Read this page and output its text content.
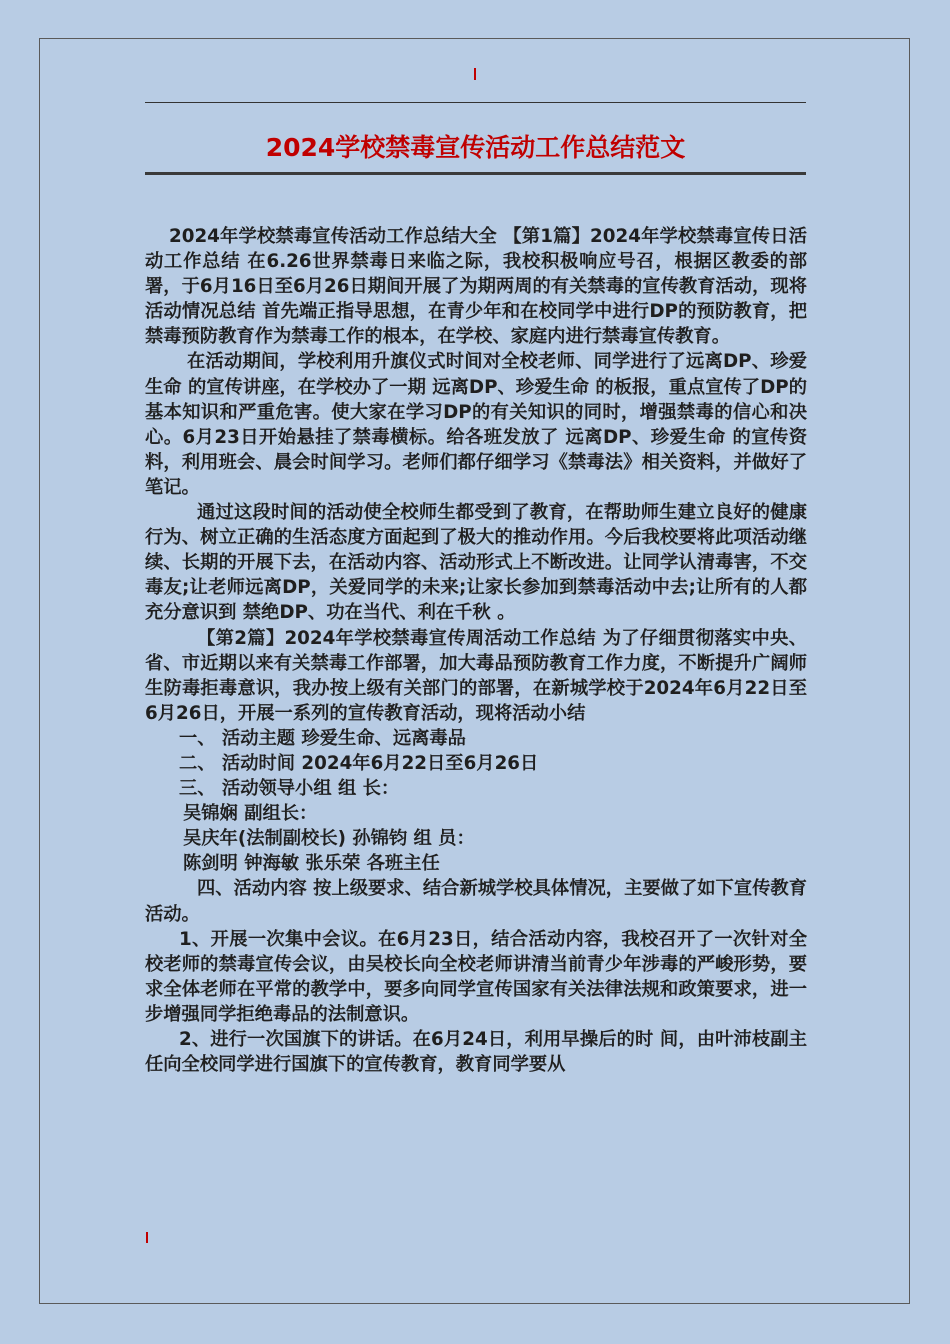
2024学校禁毒宣传活动工作总结范文

2024年学校禁毒宣传活动工作总结大全 【第1篇】2024年学校禁毒宣传日活动工作总结 在6.26世界禁毒日来临之际，我校积极响应号召，根据区教委的部署，于6月16日至6月26日期间开展了为期两周的有关禁毒的宣传教育活动，现将活动情况总结 首先端正指导思想，在青少年和在校同学中进行DP的预防教育，把禁毒预防教育作为禁毒工作的根本，在学校、家庭内进行禁毒宣传教育。

在活动期间，学校利用升旗仪式时间对全校老师、同学进行了远离DP、珍爱生命 的宣传讲座，在学校办了一期 远离DP、珍爱生命 的板报，重点宣传了DP的基本知识和严重危害。使大家在学习DP的有关知识的同时，增强禁毒的信心和决心。6月23日开始悬挂了禁毒横标。给各班发放了 远离DP、珍爱生命 的宣传资料，利用班会、晨会时间学习。老师们都仔细学习《禁毒法》相关资料，并做好了笔记。

通过这段时间的活动使全校师生都受到了教育，在帮助师生建立良好的健康行为、树立正确的生活态度方面起到了极大的推动作用。今后我校要将此项活动继续、长期的开展下去，在活动内容、活动形式上不断改进。让同学认清毒害，不交毒友;让老师远离DP，关爱同学的未来;让家长参加到禁毒活动中去;让所有的人都充分意识到 禁绝DP、功在当代、利在千秋 。

【第2篇】2024年学校禁毒宣传周活动工作总结 为了仔细贯彻落实中央、省、市近期以来有关禁毒工作部署，加大毒品预防教育工作力度，不断提升广阔师生防毒拒毒意识，我办按上级有关部门的部署，在新城学校于2024年6月22日至6月26日，开展一系列的宣传教育活动，现将活动小结

一、 活动主题 珍爱生命、远离毒品

二、 活动时间 2024年6月22日至6月26日

三、 活动领导小组 组 长：

吴锦娴 副组长：

吴庆年(法制副校长) 孙锦钧 组 员：

陈剑明 钟海敏 张乐荣 各班主任

四、活动内容 按上级要求、结合新城学校具体情况，主要做了如下宣传教育活动。

1、开展一次集中会议。在6月23日，结合活动内容，我校召开了一次针对全校老师的禁毒宣传会议，由吴校长向全校老师讲清当前青少年涉毒的严峻形势，要求全体老师在平常的教学中，要多向同学宣传国家有关法律法规和政策要求，进一步增强同学拒绝毒品的法制意识。

2、进行一次国旗下的讲话。在6月24日，利用早操后的时 间，由叶沛枝副主任向全校同学进行国旗下的宣传教育，教育同学要从
